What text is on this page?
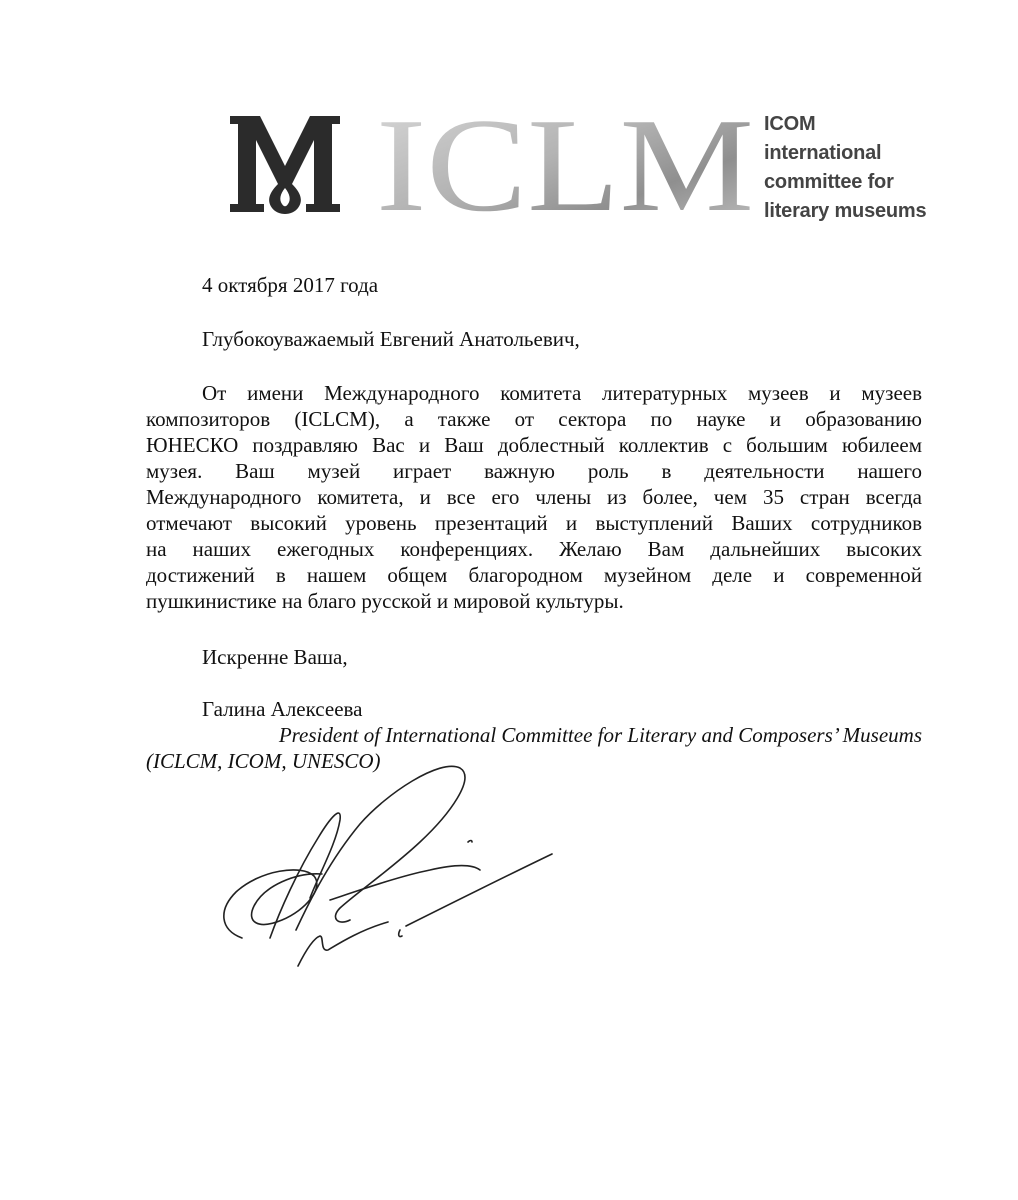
ICLM ICOM
international
committee for
literary museums
4 октября 2017 года
Глубокоуважаемый Евгений Анатольевич,
От имени Международного комитета литературных музеев и музеев
композиторов (ICLCM), а также от сектора по науке и образованию
ЮНЕСКО поздравляю Вас и Ваш доблестный коллектив с большим юбилеем
музея. Ваш музей играет важную роль в деятельности нашего
Международного комитета, и все его члены из более, чем 35 стран всегда
отмечают высокий уровень презентаций и выступлений Ваших сотрудников
на наших ежегодных конференциях. Желаю Вам дальнейших высоких
достижений в нашем общем благородном музейном деле и современной
пушкинистике на благо русской и мировой культуры.
Искренне Ваша,
Галина Алексеева
President of International Committee for Literary and Composers’ Museums
(ICLCM, ICOM, UNESCO)
